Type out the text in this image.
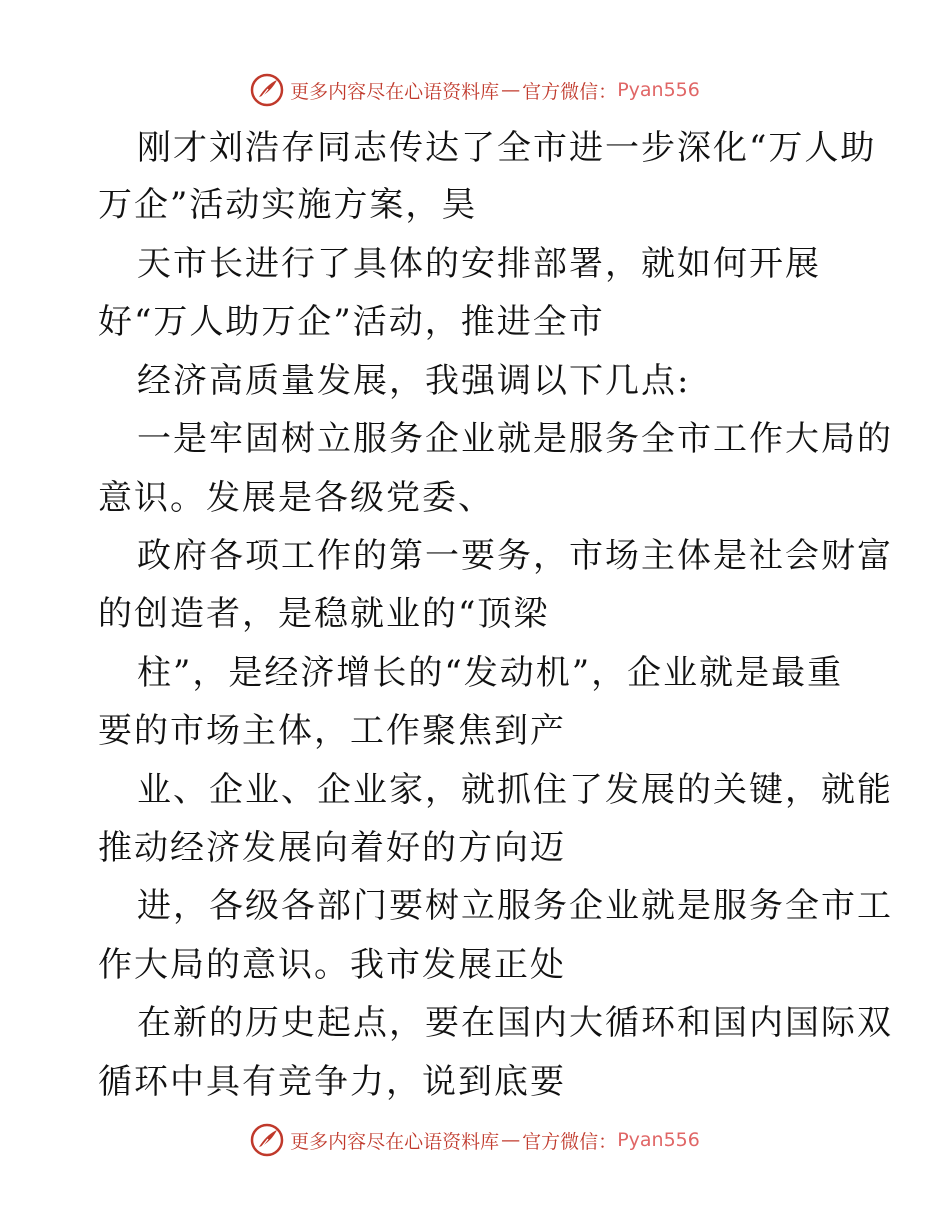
更多内容尽在心语资料库 — 官方微信： Pyan556
刚才刘浩存同志传达了全市进一步深化“万人助
万企”活动实施方案，昊
天市长进行了具体的安排部署，就如何开展
好“万人助万企”活动，推进全市
经济高质量发展，我强调以下几点:
一是牢固树立服务企业就是服务全市工作大局的
意识。发展是各级党委、
政府各项工作的第一要务，市场主体是社会财富
的创造者，是稳就业的“顶梁
柱”，是经济增长的“发动机”，企业就是最重
要的市场主体，工作聚焦到产
业、企业、企业家，就抓住了发展的关键，就能
推动经济发展向着好的方向迈
进，各级各部门要树立服务企业就是服务全市工
作大局的意识。我市发展正处
在新的历史起点，要在国内大循环和国内国际双
循环中具有竞争力，说到底要
更多内容尽在心语资料库 — 官方微信： Pyan556
